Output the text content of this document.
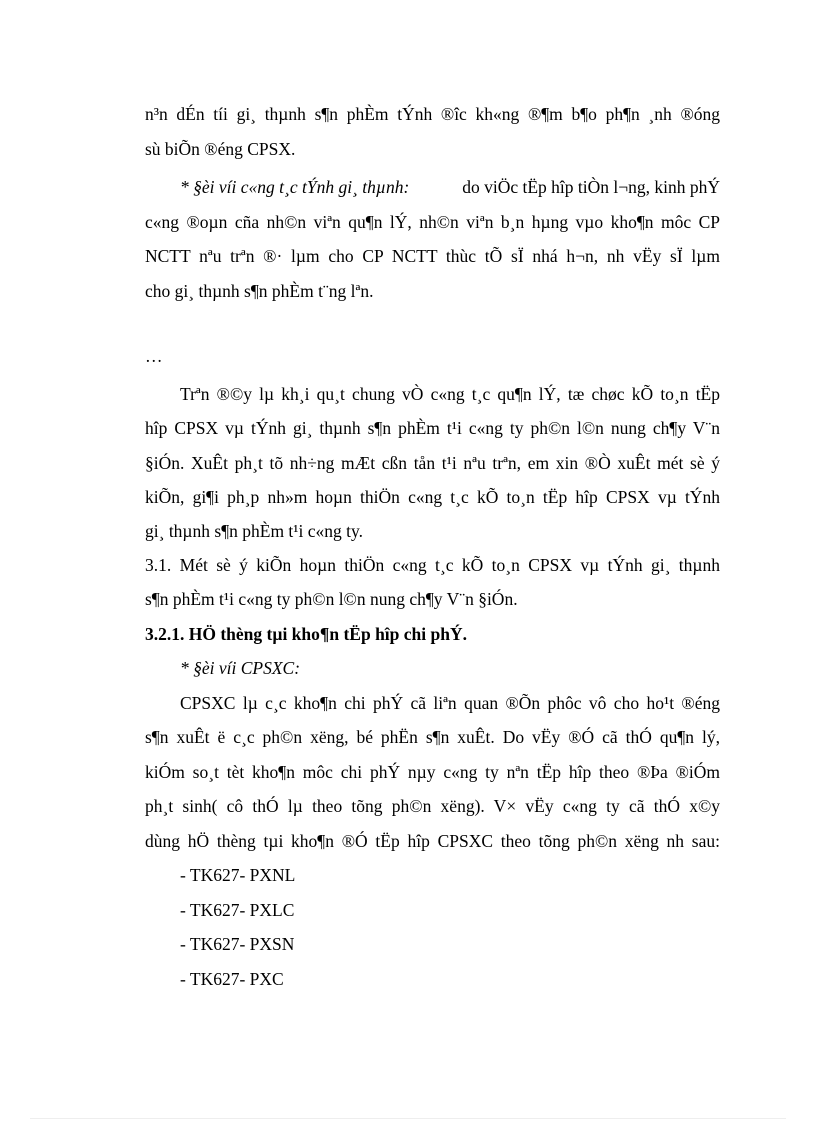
n³n dÉn tíi gi¸ thµnh s¶n phÈm tÝnh ®îc kh«ng ®¶m b¶o ph¶n ¸nh ®óng
sù biÕn ®éng CPSX.
* §èi víi c«ng t¸c tÝnh gi¸ thµnh:	do viÖc tËp hîp tiÒn l¬ng, kinh phÝ
c«ng ®oµn cña nh©n viªn qu¶n lÝ, nh©n viªn b¸n hµng vµo kho¶n môc CP
NCTT nªu trªn ®· lµm cho CP NCTT thùc tÕ sÏ nhá h¬n, nh vËy sÏ lµm
cho gi¸ thµnh s¶n phÈm t¨ng lªn.
…
Trªn ®©y lµ kh¸i qu¸t chung vÒ c«ng t¸c qu¶n lÝ, tæ chøc kÕ to¸n tËp
hîp CPSX vµ tÝnh gi¸ thµnh s¶n phÈm t¹i c«ng ty ph©n l©n nung ch¶y V¨n
§iÓn. XuÊt ph¸t tõ nh÷ng mÆt cßn tån t¹i nªu trªn, em xin ®Ò xuÊt mét sè ý
kiÕn, gi¶i ph¸p nh»m hoµn thiÖn c«ng t¸c kÕ to¸n tËp hîp CPSX vµ tÝnh
gi¸ thµnh s¶n phÈm t¹i c«ng ty.
3.1. Mét sè ý kiÕn hoµn thiÖn c«ng t¸c kÕ to¸n CPSX vµ tÝnh gi¸ thµnh
s¶n phÈm t¹i c«ng ty ph©n l©n nung ch¶y V¨n §iÓn.
3.2.1. HÖ thèng tµi kho¶n tËp hîp chi phÝ.
* §èi víi CPSXC:
CPSXC lµ c¸c kho¶n chi phÝ cã liªn quan ®Õn phôc vô cho ho¹t ®éng
s¶n xuÊt ë c¸c ph©n xëng, bé phËn s¶n xuÊt. Do vËy ®Ó cã thÓ qu¶n lý,
kiÓm so¸t tèt kho¶n môc chi phÝ nµy c«ng ty nªn tËp hîp theo ®Þa ®iÓm
ph¸t sinh( cô thÓ lµ theo tõng ph©n xëng). V× vËy c«ng ty cã thÓ x©y
dùng hÖ thèng tµi kho¶n ®Ó tËp hîp CPSXC theo tõng ph©n xëng nh sau:
- TK627- PXNL
- TK627- PXLC
- TK627- PXSN
- TK627- PXC
